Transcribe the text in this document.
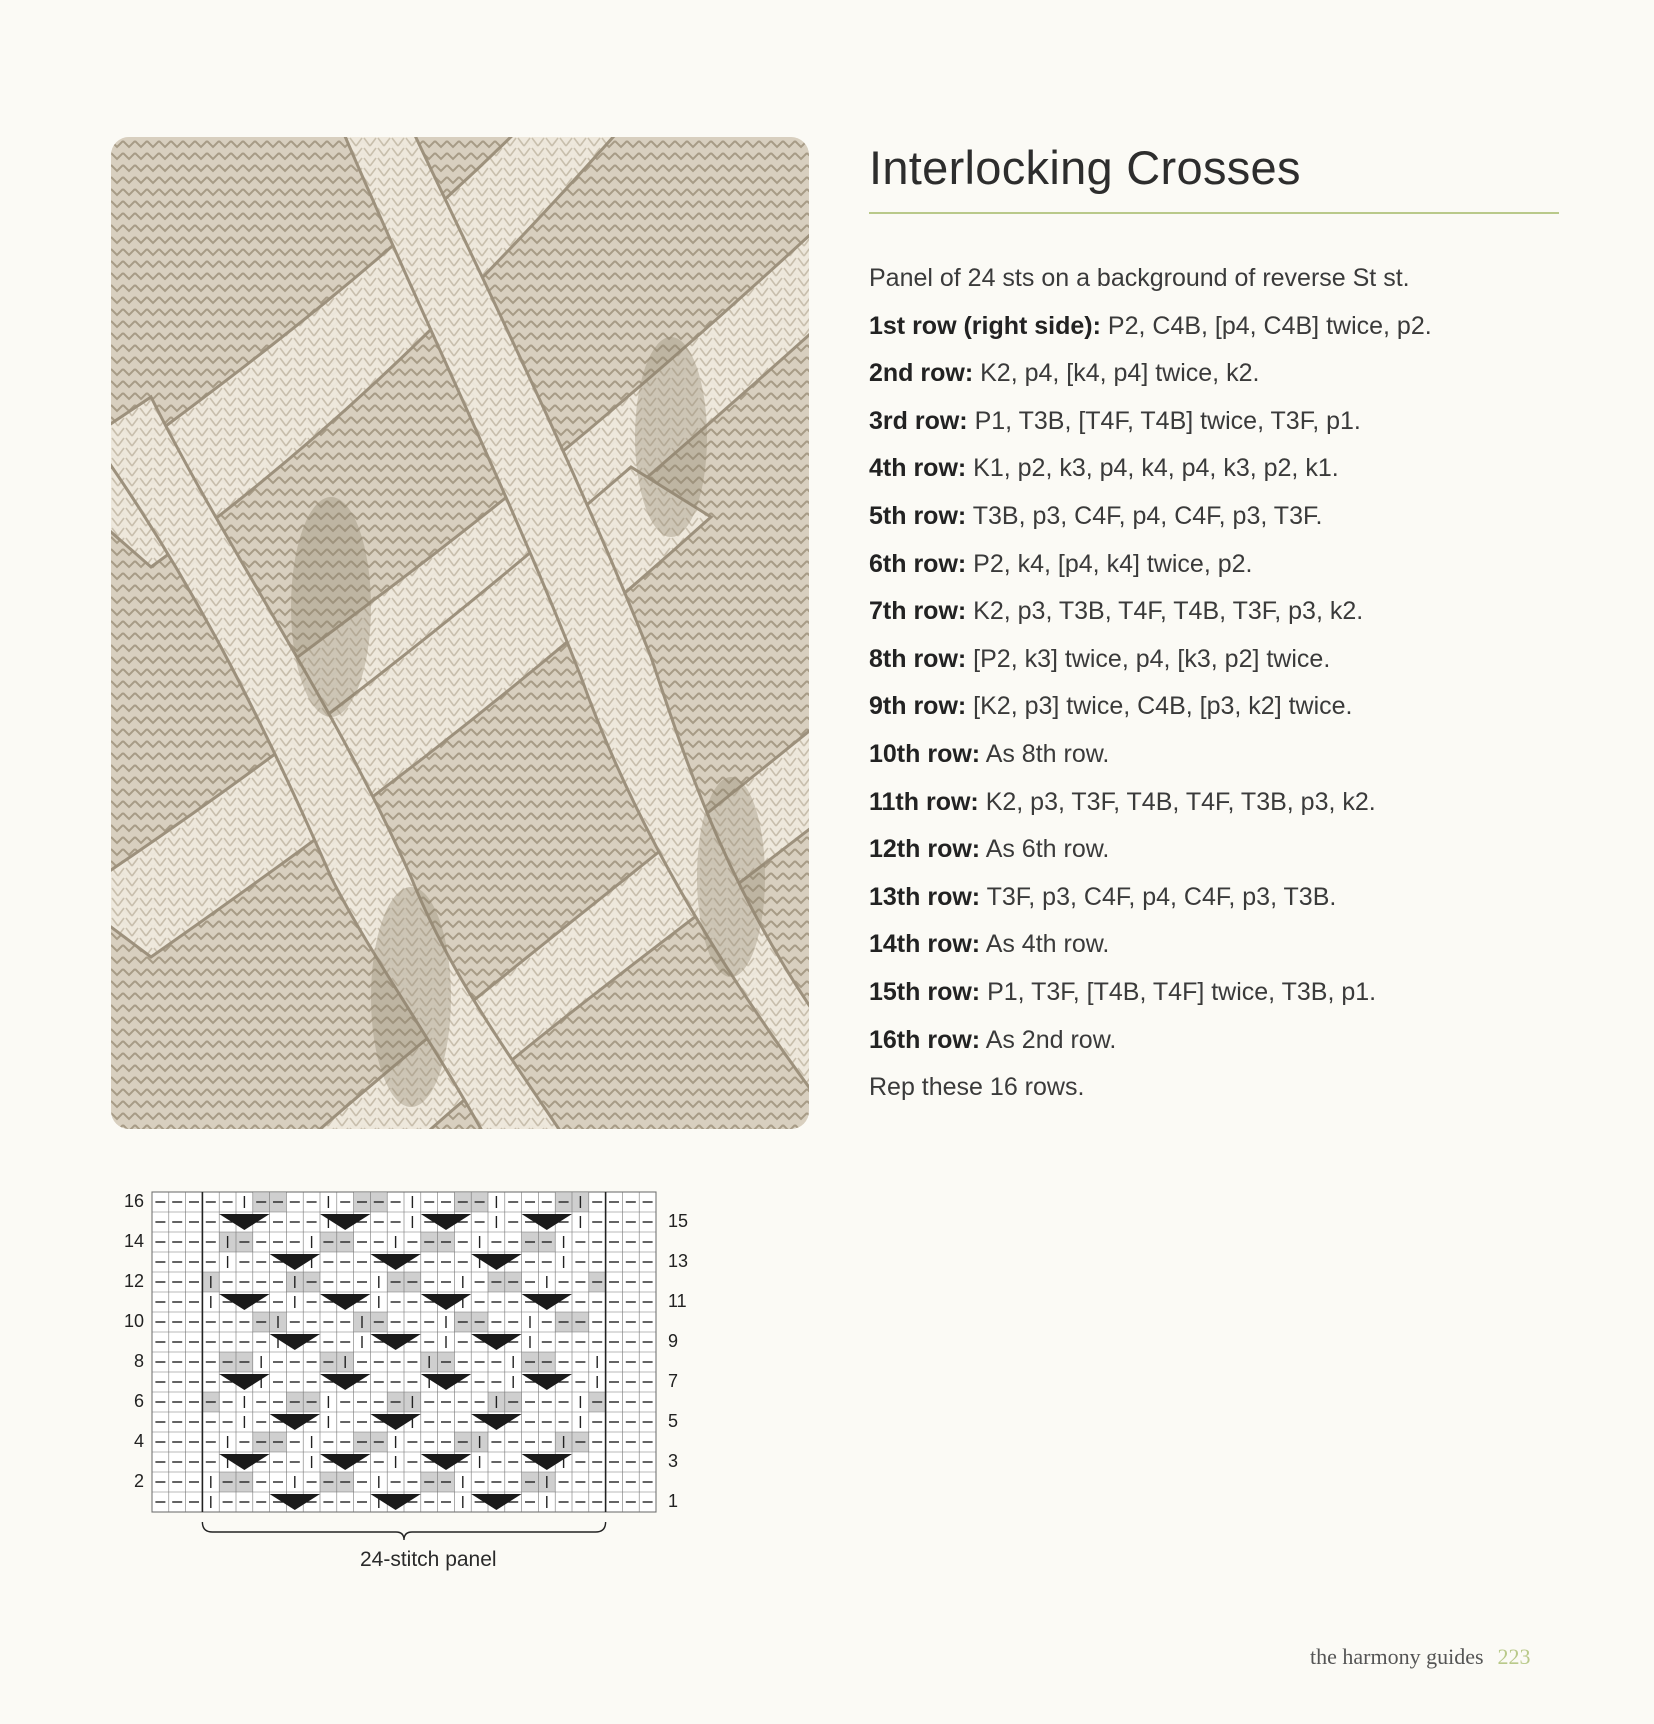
Interlocking Crosses
Panel of 24 sts on a background of reverse St st.
1st row (right side): P2, C4B, [p4, C4B] twice, p2.
2nd row: K2, p4, [k4, p4] twice, k2.
3rd row: P1, T3B, [T4F, T4B] twice, T3F, p1.
4th row: K1, p2, k3, p4, k4, p4, k3, p2, k1.
5th row: T3B, p3, C4F, p4, C4F, p3, T3F.
6th row: P2, k4, [p4, k4] twice, p2.
7th row: K2, p3, T3B, T4F, T4B, T3F, p3, k2.
8th row: [P2, k3] twice, p4, [k3, p2] twice.
9th row: [K2, p3] twice, C4B, [p3, k2] twice.
10th row: As 8th row.
11th row: K2, p3, T3F, T4B, T4F, T3B, p3, k2.
12th row: As 6th row.
13th row: T3F, p3, C4F, p4, C4F, p3, T3B.
14th row: As 4th row.
15th row: P1, T3F, [T4B, T4F] twice, T3B, p1.
16th row: As 2nd row.
Rep these 16 rows.
16
14
12
10
8
6
4
2
15
13
11
9
7
5
3
1
24-stitch panel
the harmony guides 223
